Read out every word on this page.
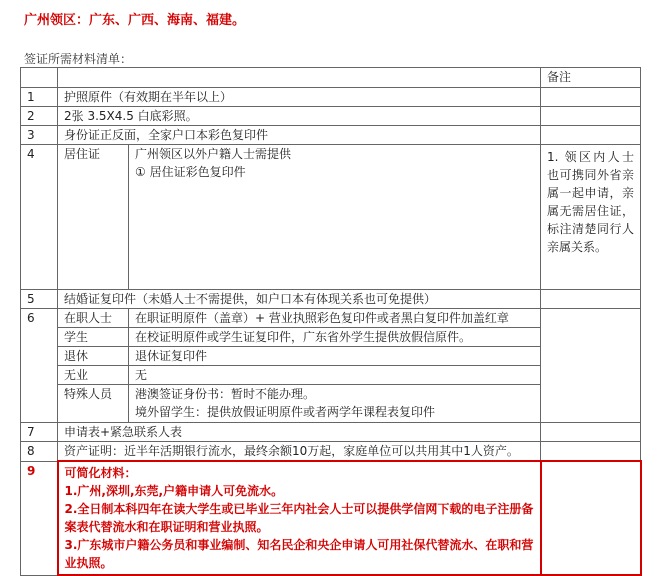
广州领区：广东、广西、海南、福建。
签证所需材料清单：
			备注
1	护照原件（有效期在半年以上）		
2	2张 3.5X4.5 白底彩照。		
3	身份证正反面，全家户口本彩色复印件		
4	居住证	广州领区以外户籍人士需提供
① 居住证彩色复印件	1. 领区内人士也可携同外省亲属一起申请，亲属无需居住证，标注清楚同行人亲属关系。

5	结婚证复印件（未婚人士不需提供，如户口本有体现关系也可免提供）		
6	在职人士	在职证明原件（盖章）+ 营业执照彩色复印件或者黑白复印件加盖红章	
	学生	在校证明原件或学生证复印件，广东省外学生提供放假信原件。	
	退休	退休证复印件	
	无业	无	
	特殊人员	港澳签证身份书：暂时不能办理。
境外留学生：提供放假证明原件或者两学年课程表复印件	

7	申请表+紧急联系人表		
8	资产证明：近半年活期银行流水，最终余额10万起，家庭单位可以共用其中1人资产。		
9	可简化材料：
1.广州,深圳,东莞,户籍申请人可免流水。
2.全日制本科四年在读大学生或已毕业三年内社会人士可以提供学信网下载的电子注册备案表代替流水和在职证明和营业执照。
3.广东城市户籍公务员和事业编制、知名民企和央企申请人可用社保代替流水、在职和营业执照。		
